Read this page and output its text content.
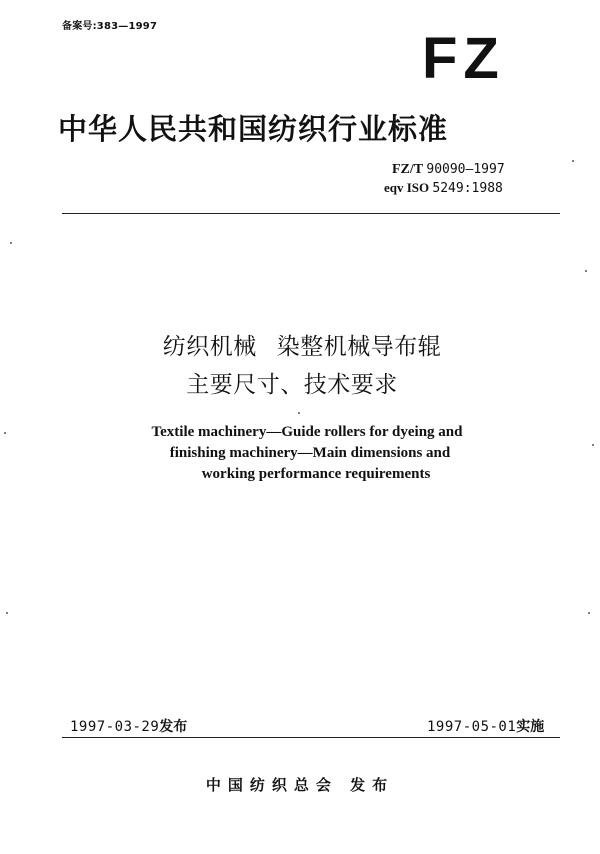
备案号:383—1997	FZ
中华人民共和国纺织行业标准
FZ/T 90090—1997
eqv ISO 5249:1988
纺织机械 染整机械导布辊
主要尺寸、技术要求
Textile machinery—Guide rollers for dyeing and
finishing machinery—Main dimensions and
working performance requirements
1997-03-29发布	1997-05-01实施
中国纺织总会 发布
